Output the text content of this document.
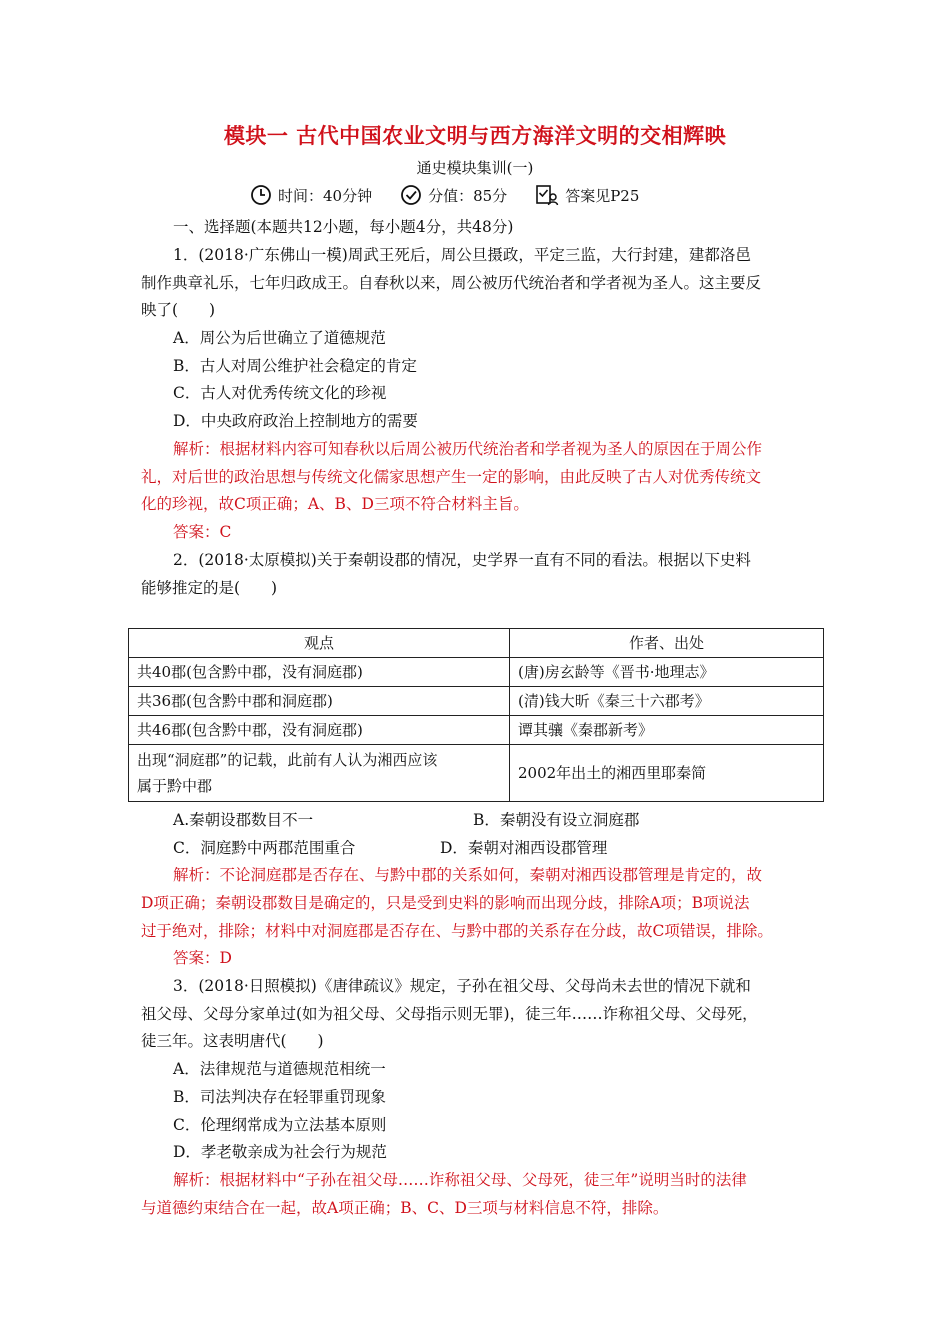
模块一 古代中国农业文明与西方海洋文明的交相辉映
通史模块集训(一)
时间：40分钟	分值：85分	答案见P25
一、选择题(本题共12小题，每小题4分，共48分)
1．(2018·广东佛山一模)周武王死后，周公旦摄政，平定三监，大行封建，建都洛邑
制作典章礼乐，七年归政成王。自春秋以来，周公被历代统治者和学者视为圣人。这主要反
映了(　　)
A．周公为后世确立了道德规范
B．古人对周公维护社会稳定的肯定
C．古人对优秀传统文化的珍视
D．中央政府政治上控制地方的需要
解析：根据材料内容可知春秋以后周公被历代统治者和学者视为圣人的原因在于周公作
礼，对后世的政治思想与传统文化儒家思想产生一定的影响，由此反映了古人对优秀传统文
化的珍视，故C项正确；A、B、D三项不符合材料主旨。
答案：C
2．(2018·太原模拟)关于秦朝设郡的情况，史学界一直有不同的看法。根据以下史料
能够推定的是(　　)
观点	作者、出处
共40郡(包含黔中郡，没有洞庭郡)	(唐)房玄龄等《晋书·地理志》
共36郡(包含黔中郡和洞庭郡)	(清)钱大昕《秦三十六郡考》
共46郡(包含黔中郡，没有洞庭郡)	谭其骧《秦郡新考》

出现“洞庭郡”的记载，此前有人认为湘西应该
属于黔中郡	2002年出土的湘西里耶秦简
A.秦朝设郡数目不一	B．秦朝没有设立洞庭郡
C．洞庭黔中两郡范围重合	D．秦朝对湘西设郡管理
解析：不论洞庭郡是否存在、与黔中郡的关系如何，秦朝对湘西设郡管理是肯定的，故
D项正确；秦朝设郡数目是确定的，只是受到史料的影响而出现分歧，排除A项；B项说法
过于绝对，排除；材料中对洞庭郡是否存在、与黔中郡的关系存在分歧，故C项错误，排除。
答案：D
3．(2018·日照模拟)《唐律疏议》规定，子孙在祖父母、父母尚未去世的情况下就和
祖父母、父母分家单过(如为祖父母、父母指示则无罪)，徒三年……诈称祖父母、父母死，
徒三年。这表明唐代(　　)
A．法律规范与道德规范相统一
B．司法判决存在轻罪重罚现象
C．伦理纲常成为立法基本原则
D．孝老敬亲成为社会行为规范
解析：根据材料中“子孙在祖父母……诈称祖父母、父母死，徒三年”说明当时的法律
与道德约束结合在一起，故A项正确；B、C、D三项与材料信息不符，排除。
